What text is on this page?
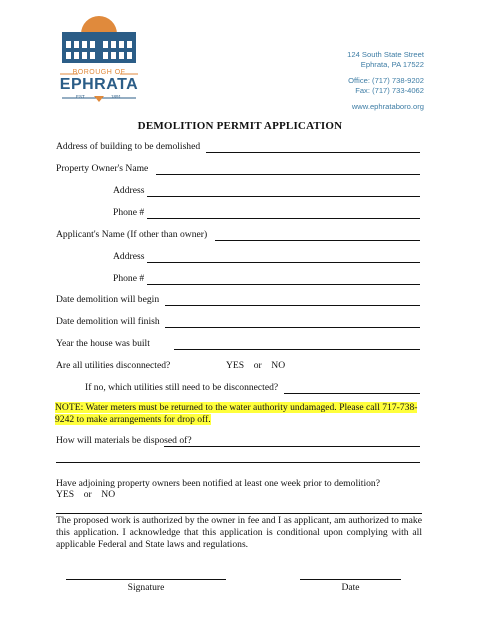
BOROUGH OF
EPHRATA
EST.	1891
124 South State Street
Ephrata, PA 17522
Office: (717) 738-9202
Fax: (717) 733-4062
www.ephrataboro.org
DEMOLITION PERMIT APPLICATION
Address of building to be demolished
Property Owner's Name
Address
Phone #
Applicant's Name (If other than owner)
Address
Phone #
Date demolition will begin
Date demolition will finish
Year the house was built
Are all utilities disconnected?	YES    or    NO
If no, which utilities still need to be disconnected?
NOTE: Water meters must be returned to the water authority undamaged. Please call 717-738-9242 to make arrangements for drop off.
How will materials be disposed of?
Have adjoining property owners been notified at least one week prior to demolition?
YES    or    NO
The proposed work is authorized by the owner in fee and I as applicant, am authorized to make this application. I acknowledge that this application is conditional upon complying with all applicable Federal and State laws and regulations.
Signature	Date
